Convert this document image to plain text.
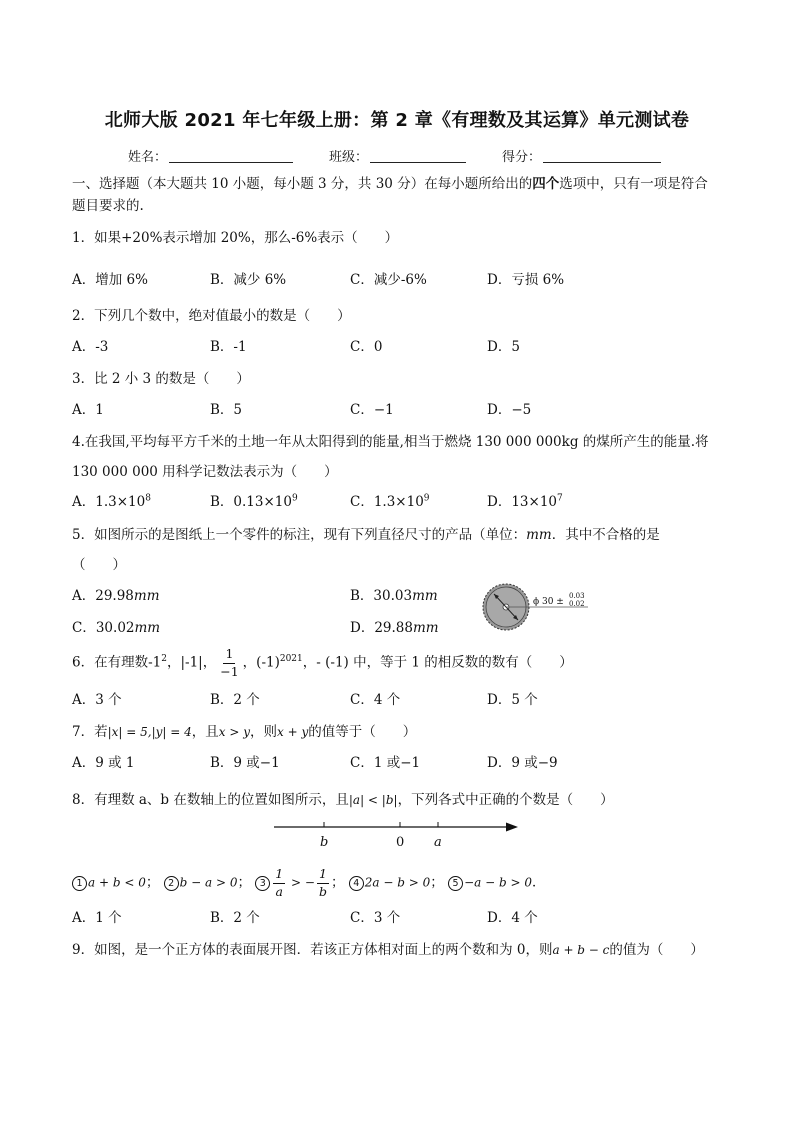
北师大版 2021 年七年级上册：第 2 章《有理数及其运算》单元测试卷
姓名：	班级：	得分：
一、选择题（本大题共 10 小题，每小题 3 分，共 30 分）在每小题所给出的四个选项中，只有一项是符合
题目要求的.
1．如果+20%表示增加 20%，那么-6%表示（　　）
A．增加 6%	B．减少 6%	C．减少-6%	D．亏损 6%
2．下列几个数中，绝对值最小的数是（　　）
A．-3	B．-1	C．0	D．5
3．比 2 小 3 的数是（　　）
A．1	B．5	C．−1	D．−5
4.在我国,平均每平方千米的土地一年从太阳得到的能量,相当于燃烧 130 000 000kg 的煤所产生的能量.将
130 000 000 用科学记数法表示为（　　）
A．$1.3\times 10^8$	B．$0.13\times 10^9$	C．$1.3\times 10^9$	D．$13\times 10^7$
5．如图所示的是图纸上一个零件的标注，现有下列直径尺寸的产品（单位：mm．其中不合格的是
（　　）
A．29.98mm	B．30.03mm
C．30.02mm	D．29.88mm
ϕ 30 ±
0.03
0.02
6．在有理数$-1^2$，|-1|， $\frac{1}{-1}$ ，$(-1)^{2021}$，- (-1) 中，等于 1 的相反数的数有（　　）
A．3 个	B．2 个	C．4 个	D．5 个
7．若|x| = 5,|y| = 4，且x > y，则x + y的值等于（　　）
A．9 或 1	B．9 或−1	C．1 或−1	D．9 或−9
8．有理数 a、b 在数轴上的位置如图所示，且|a| < |b|，下列各式中正确的个数是（　　）
b	0 a
1 a + b < 0； 2 b − a > 0； $3 \frac{1}{a}$ > − $\frac{1}{b}$ ； 4 2a − b > 0； 5 −a − b > 0．
A．1 个	B．2 个	C．3 个	D．4 个
9．如图，是一个正方体的表面展开图．若该正方体相对面上的两个数和为 0，则a + b − c的值为（　　）
